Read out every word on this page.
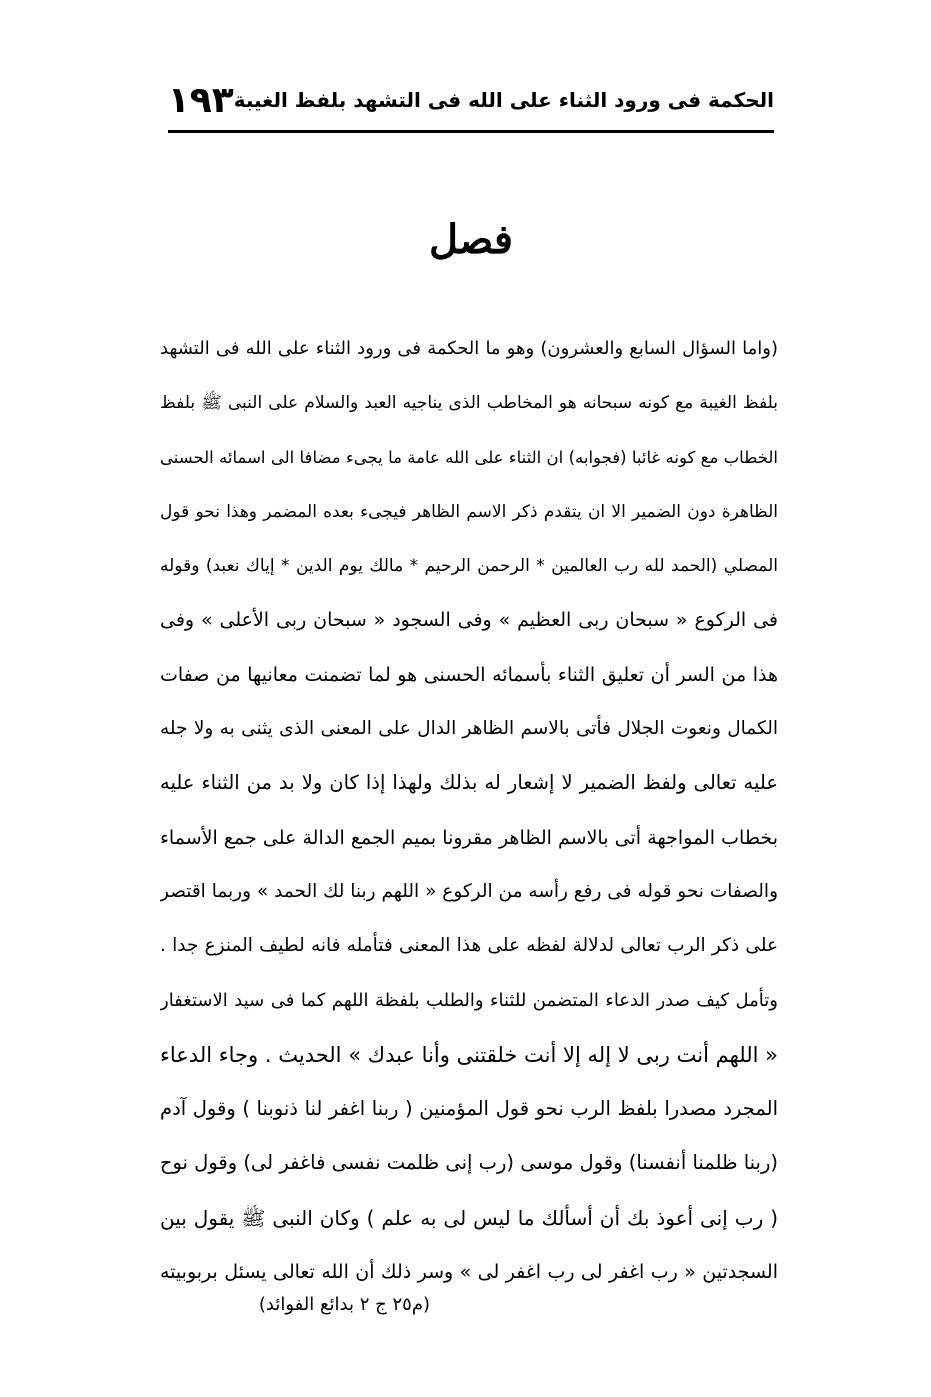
الحكمة فى ورود الثناء على الله فى التشهد بلفظ الغيبة
١٩٣
فصل
(واما السؤال السابع والعشرون) وهو ما الحكمة فى ورود الثناء على الله فى التشهد
بلفظ الغيبة مع كونه سبحانه هو المخاطب الذى يناجيه العبد والسلام على النبى ﷺ بلفظ
الخطاب مع كونه غائبا (فجوابه) ان الثناء على الله عامة ما يجىء مضافا الى اسمائه الحسنى
الظاهرة دون الضمير الا ان يتقدم ذكر الاسم الظاهر فيجىء بعده المضمر وهذا نحو قول
المصلي (الحمد لله رب العالمين * الرحمن الرحيم * مالك يوم الدين * إياك نعبد) وقوله
فى الركوع « سبحان ربى العظيم » وفى السجود « سبحان ربى الأعلى » وفى
هذا من السر أن تعليق الثناء بأسمائه الحسنى هو لما تضمنت معانيها من صفات
الكمال ونعوت الجلال فأتى بالاسم الظاهر الدال على المعنى الذى يثنى به ولا جله
عليه تعالى ولفظ الضمير لا إشعار له بذلك ولهذا إذا كان ولا بد من الثناء عليه
بخطاب المواجهة أتى بالاسم الظاهر مقرونا بميم الجمع الدالة على جمع الأسماء
والصفات نحو قوله فى رفع رأسه من الركوع « اللهم ربنا لك الحمد » وربما اقتصر
على ذكر الرب تعالى لدلالة لفظه على هذا المعنى فتأمله فانه لطيف المنزع جدا .
وتأمل كيف صدر الدعاء المتضمن للثناء والطلب بلفظة اللهم كما فى سيد الاستغفار
« اللهم أنت ربى لا إله إلا أنت خلقتنى وأنا عبدك » الحديث . وجاء الدعاء
المجرد مصدرا بلفظ الرب نحو قول المؤمنين ( ربنا اغفر لنا ذنوبنا ) وقول آدم
(ربنا ظلمنا أنفسنا) وقول موسى (رب إنى ظلمت نفسى فاغفر لى) وقول نوح
( رب إنى أعوذ بك أن أسألك ما ليس لى به علم ) وكان النبى ﷺ يقول بين
السجدتين « رب اغفر لى رب اغفر لى » وسر ذلك أن الله تعالى يسئل بربوبيته
(م٢٥ ج ٢ بدائع الفوائد)
